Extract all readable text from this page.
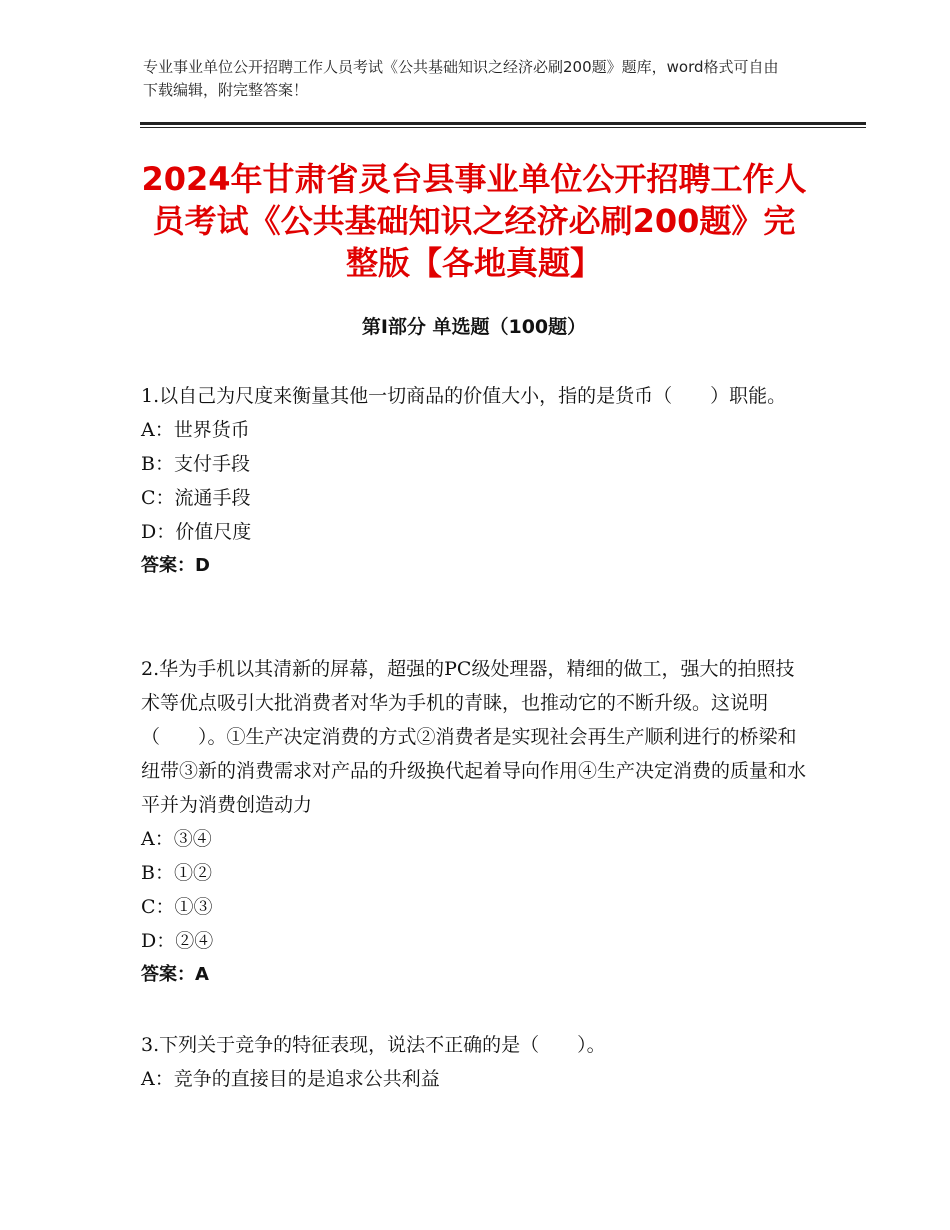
专业事业单位公开招聘工作人员考试《公共基础知识之经济必刷200题》题库，word格式可自由下载编辑，附完整答案！
2024年甘肃省灵台县事业单位公开招聘工作人员考试《公共基础知识之经济必刷200题》完整版【各地真题】
第I部分 单选题（100题）

1.以自己为尺度来衡量其他一切商品的价值大小，指的是货币（　　）职能。

A：世界货币

B：支付手段

C：流通手段

D：价值尺度

答案：D

2.华为手机以其清新的屏幕，超强的PC级处理器，精细的做工，强大的拍照技术等优点吸引大批消费者对华为手机的青睐，也推动它的不断升级。这说明（　　）。①生产决定消费的方式②消费者是实现社会再生产顺利进行的桥梁和纽带③新的消费需求对产品的升级换代起着导向作用④生产决定消费的质量和水平并为消费创造动力

A：③④

B：①②

C：①③

D：②④

答案：A

3.下列关于竞争的特征表现，说法不正确的是（　　）。

A：竞争的直接目的是追求公共利益
